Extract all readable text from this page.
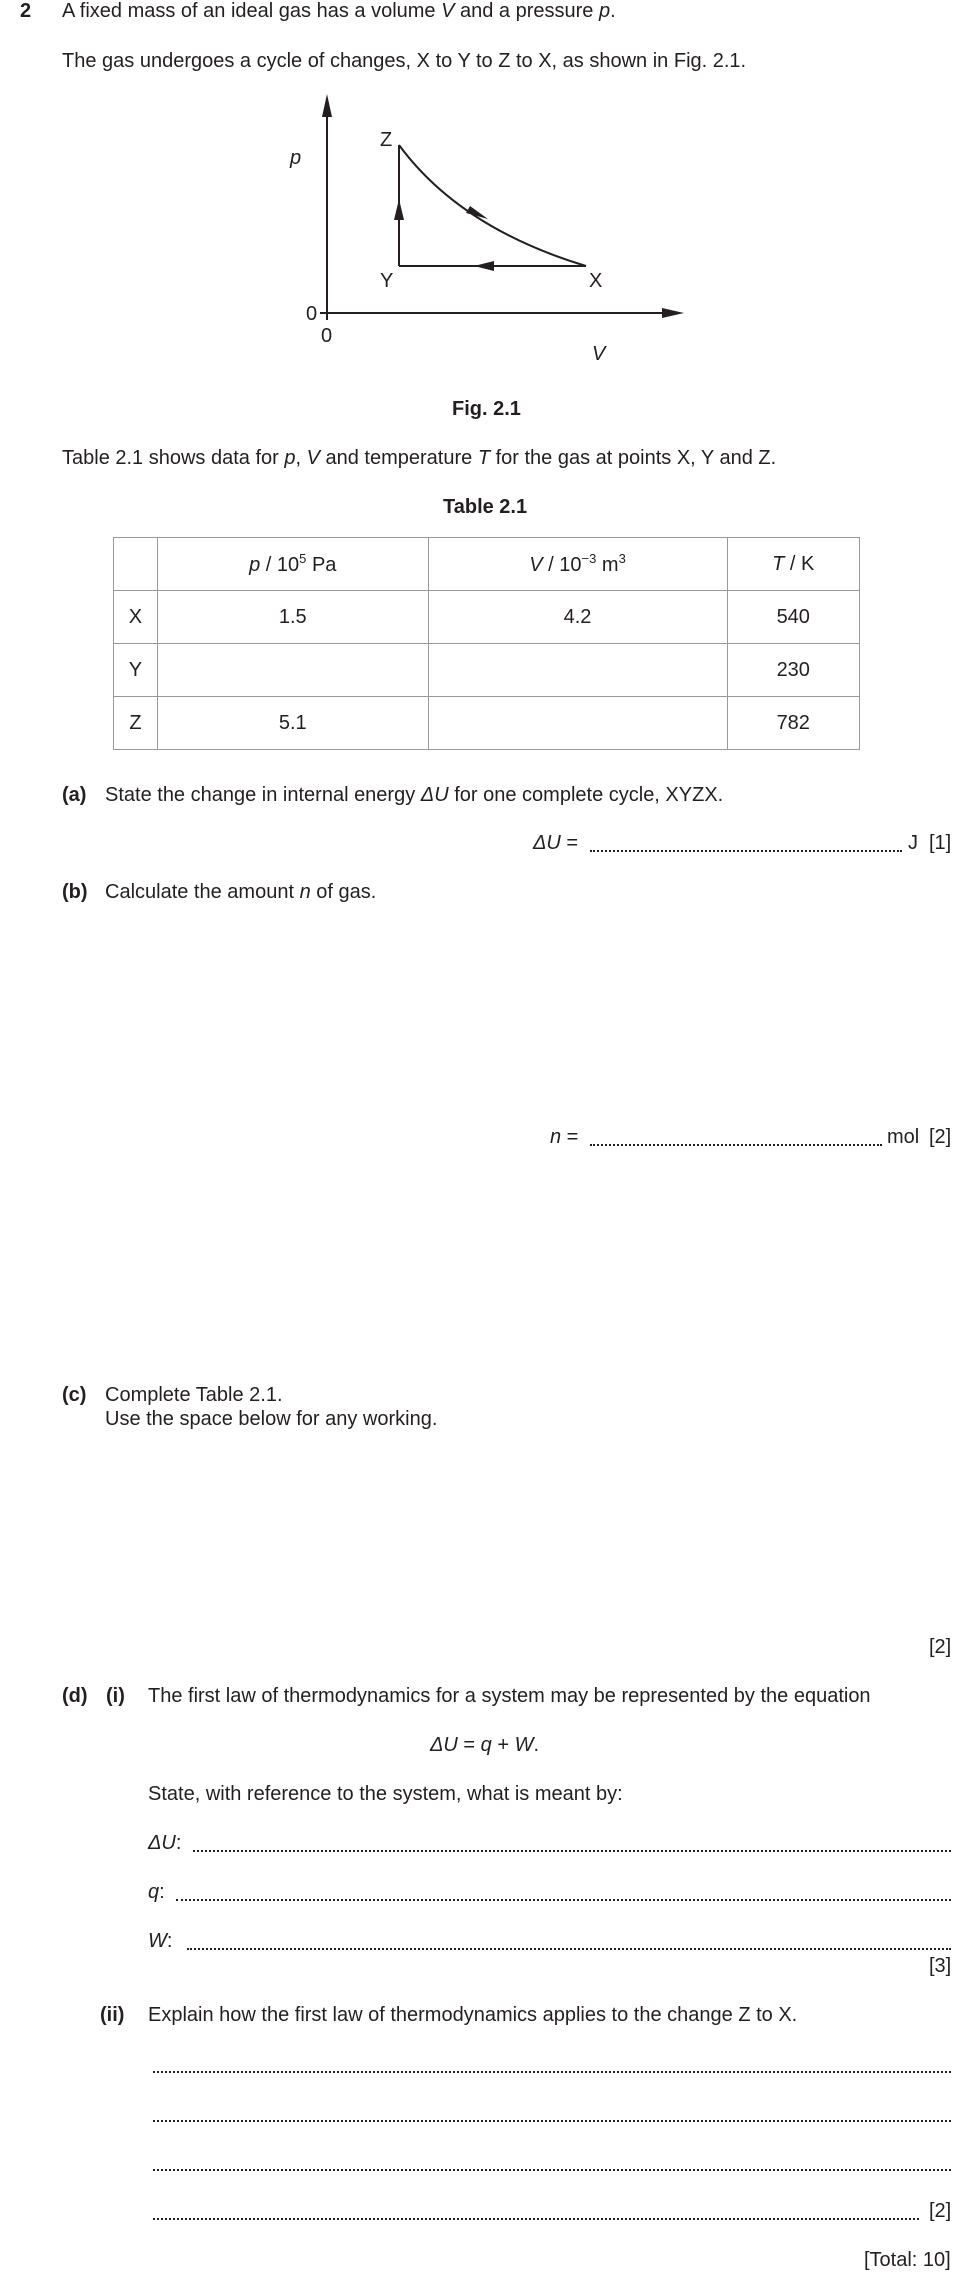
2 A fixed mass of an ideal gas has a volume V and a pressure p.
The gas undergoes a cycle of changes, X to Y to Z to X, as shown in Fig. 2.1.
p
V
0
0
Z
Y	X
Fig. 2.1
Table 2.1 shows data for p, V and temperature T for the gas at points X, Y and Z.
Table 2.1
	p / $10^5$ Pa	V / $10^{-3}$ $m^3$	T / K
X	1.5	4.2	540
Y			230
Z	5.1		782
(a) State the change in internal energy ΔU for one complete cycle, XYZX.
ΔU =	J [1]
(b) Calculate the amount n of gas.
n =	mol [2]
(c) Complete Table 2.1.
Use the space below for any working.
[2]
(d) (i) The first law of thermodynamics for a system may be represented by the equation
ΔU = q + W.
State, with reference to the system, what is meant by:
ΔU:
q:
W:
[3]
(ii) Explain how the first law of thermodynamics applies to the change Z to X.
[2]
[Total: 10]
